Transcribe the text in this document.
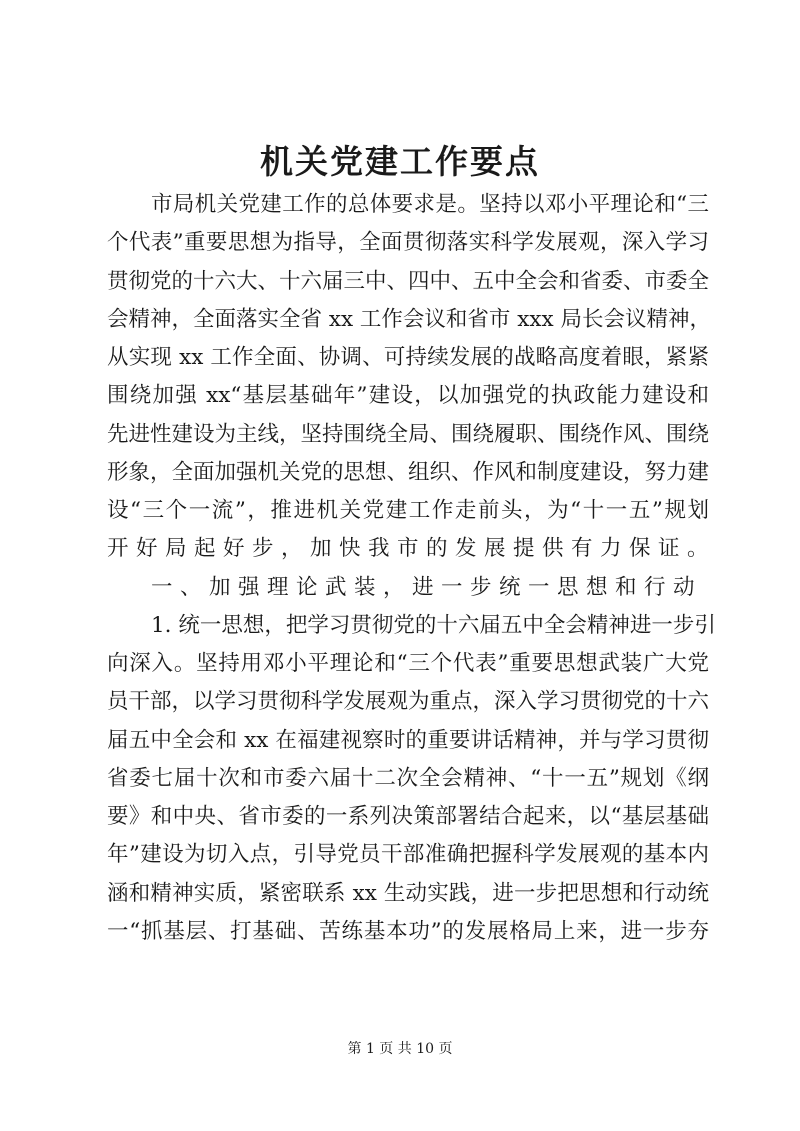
机关党建工作要点
市局机关党建工作的总体要求是。坚持以邓小平理论和“三
个代表”重要思想为指导，全面贯彻落实科学发展观，深入学习
贯彻党的十六大、十六届三中、四中、五中全会和省委、市委全
会精神，全面落实全省 xx 工作会议和省市 xxx 局长会议精神，
从实现 xx 工作全面、协调、可持续发展的战略高度着眼，紧紧
围绕加强 xx“基层基础年”建设，以加强党的执政能力建设和
先进性建设为主线，坚持围绕全局、围绕履职、围绕作风、围绕
形象，全面加强机关党的思想、组织、作风和制度建设，努力建
设“三个一流”，推进机关党建工作走前头，为“十一五”规划
开好局起好步，加快我市的发展提供有力保证。
一、加强理论武装，进一步统一思想和行动
1. 统一思想，把学习贯彻党的十六届五中全会精神进一步引
向深入。坚持用邓小平理论和“三个代表”重要思想武装广大党
员干部，以学习贯彻科学发展观为重点，深入学习贯彻党的十六
届五中全会和 xx 在福建视察时的重要讲话精神，并与学习贯彻
省委七届十次和市委六届十二次全会精神、“十一五”规划《纲
要》和中央、省市委的一系列决策部署结合起来，以“基层基础
年”建设为切入点，引导党员干部准确把握科学发展观的基本内
涵和精神实质，紧密联系 xx 生动实践，进一步把思想和行动统
一“抓基层、打基础、苦练基本功”的发展格局上来，进一步夯
第 1 页 共 10 页
